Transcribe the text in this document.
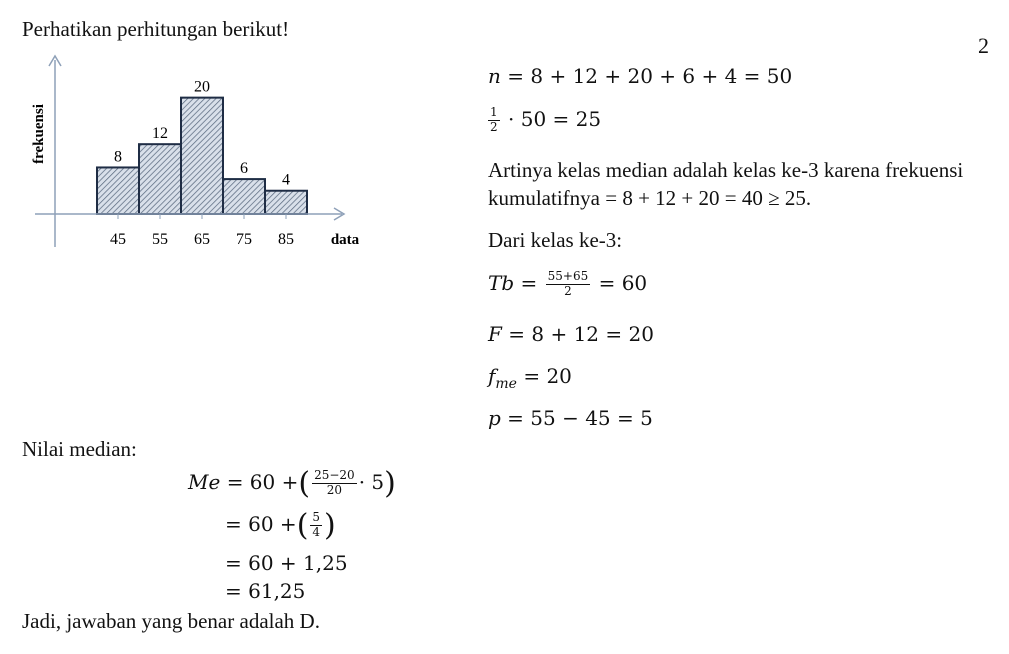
Perhatikan perhitungan berikut!
2
8
12
20
6
4
45 55 65 75 85
frekuensi
data
n = 8 + 12 + 20 + 6 + 4 = 50
$\frac{1}{2} \cdot 50 = 25$
Artinya kelas median adalah kelas ke-3 karena frekuensi
kumulatifnya = 8 + 12 + 20 = 40 ≥ 25.
Dari kelas ke-3:
$Tb = \frac{55+65}{2} = 60$
F = 8 + 12 = 20
$f_{me} = 20$
p = 55 − 45 = 5
Nilai median:
Me = 60 +( $\frac{25-20}{20} \cdot 5$)
= 60 +( $\frac{5}{4}$ )
= 60 + 1,25
= 61,25
Jadi, jawaban yang benar adalah D.
